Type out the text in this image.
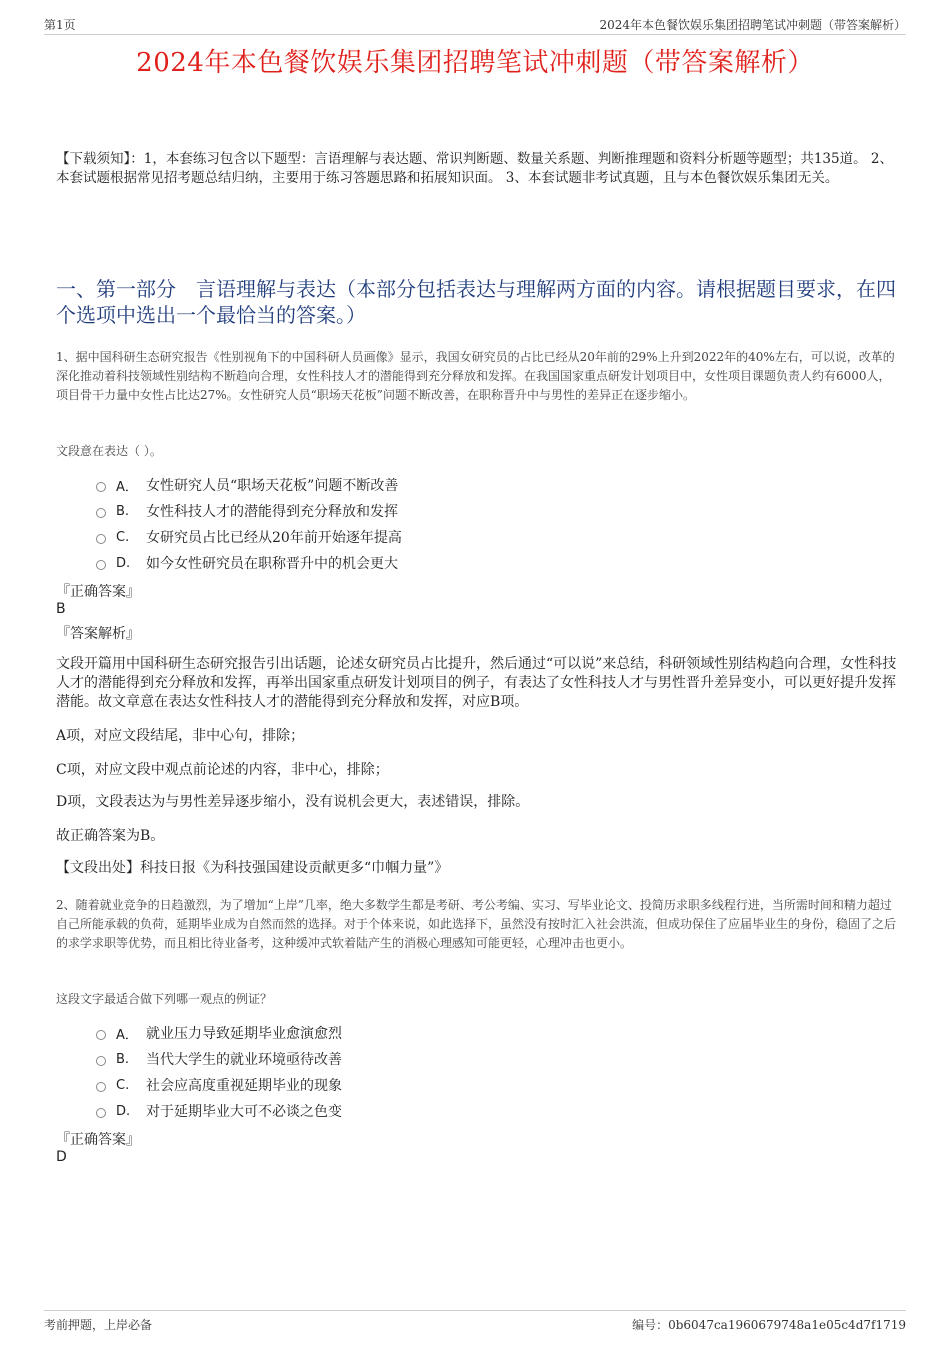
第1页	2024年本色餐饮娱乐集团招聘笔试冲刺题（带答案解析）
2024年本色餐饮娱乐集团招聘笔试冲刺题（带答案解析）
【下载须知】：1，本套练习包含以下题型：言语理解与表达题、常识判断题、数量关系题、判断推理题和资料分析题等题型；共135道。 2、本套试题根据常见招考题总结归纳，主要用于练习答题思路和拓展知识面。 3、本套试题非考试真题，且与本色餐饮娱乐集团无关。
一、第一部分　言语理解与表达（本部分包括表达与理解两方面的内容。请根据题目要求，在四个选项中选出一个最恰当的答案。）
1、据中国科研生态研究报告《性别视角下的中国科研人员画像》显示，我国女研究员的占比已经从20年前的29%上升到2022年的40%左右，可以说，改革的深化推动着科技领域性别结构不断趋向合理，女性科技人才的潜能得到充分释放和发挥。在我国国家重点研发计划项目中，女性项目课题负责人约有6000人，项目骨干力量中女性占比达27%。女性研究人员“职场天花板”问题不断改善，在职称晋升中与男性的差异正在逐步缩小。
文段意在表达（ ）。
A． 女性研究人员“职场天花板”问题不断改善
B.	女性科技人才的潜能得到充分释放和发挥
C.	女研究员占比已经从20年前开始逐年提高
D.	如今女性研究员在职称晋升中的机会更大
『正确答案』
B
『答案解析』
文段开篇用中国科研生态研究报告引出话题，论述女研究员占比提升，然后通过“可以说”来总结，科研领域性别结构趋向合理，女性科技人才的潜能得到充分释放和发挥，再举出国家重点研发计划项目的例子，有表达了女性科技人才与男性晋升差异变小，可以更好提升发挥潜能。故文章意在表达女性科技人才的潜能得到充分释放和发挥，对应B项。
A项，对应文段结尾，非中心句，排除；
C项，对应文段中观点前论述的内容，非中心，排除；
D项，文段表达为与男性差异逐步缩小，没有说机会更大，表述错误，排除。
故正确答案为B。
【文段出处】科技日报《为科技强国建设贡献更多“巾帼力量”》
2、随着就业竞争的日趋激烈，为了增加“上岸”几率，绝大多数学生都是考研、考公考编、实习、写毕业论文、投简历求职多线程行进，当所需时间和精力超过自己所能承载的负荷，延期毕业成为自然而然的选择。对于个体来说，如此选择下，虽然没有按时汇入社会洪流，但成功保住了应届毕业生的身份，稳固了之后的求学求职等优势，而且相比待业备考，这种缓冲式软着陆产生的消极心理感知可能更轻，心理冲击也更小。
这段文字最适合做下列哪一观点的例证？
A． 就业压力导致延期毕业愈演愈烈
B.	当代大学生的就业环境亟待改善
C.	社会应高度重视延期毕业的现象
D.	对于延期毕业大可不必谈之色变
『正确答案』
D
考前押题，上岸必备	编号：0b6047ca1960679748a1e05c4d7f1719
